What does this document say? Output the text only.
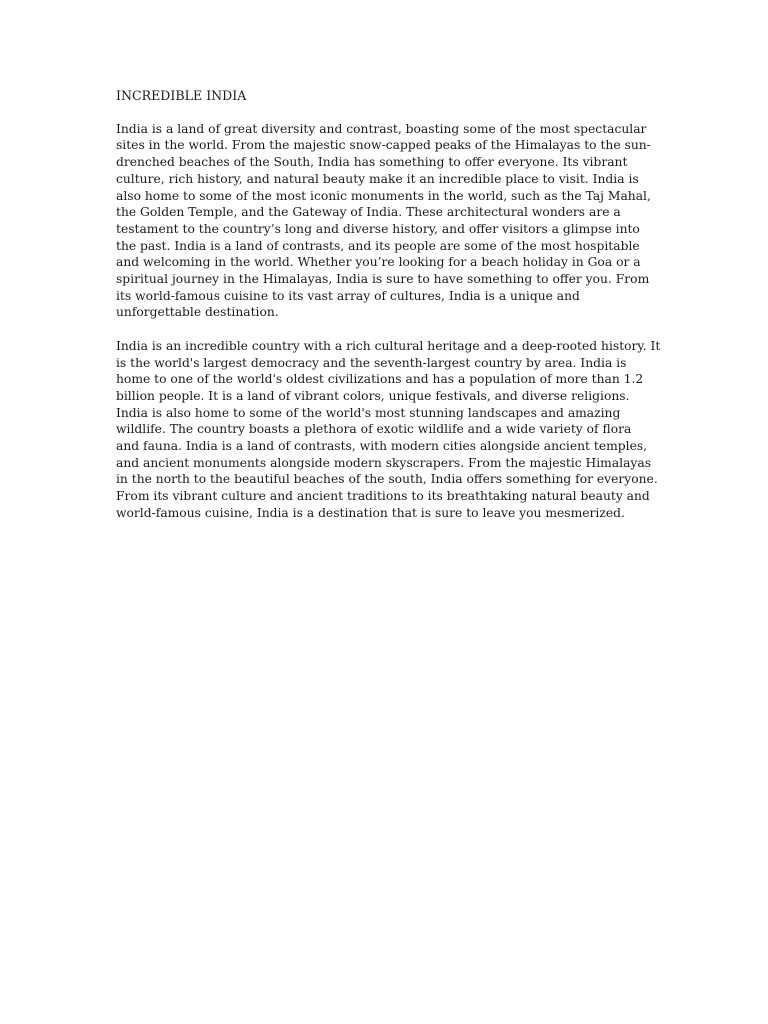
INCREDIBLE INDIA
India is a land of great diversity and contrast, boasting some of the most spectacular
sites in the world. From the majestic snow-capped peaks of the Himalayas to the sun-
drenched beaches of the South, India has something to offer everyone. Its vibrant
culture, rich history, and natural beauty make it an incredible place to visit. India is
also home to some of the most iconic monuments in the world, such as the Taj Mahal,
the Golden Temple, and the Gateway of India. These architectural wonders are a
testament to the country’s long and diverse history, and offer visitors a glimpse into
the past. India is a land of contrasts, and its people are some of the most hospitable
and welcoming in the world. Whether you’re looking for a beach holiday in Goa or a
spiritual journey in the Himalayas, India is sure to have something to offer you. From
its world-famous cuisine to its vast array of cultures, India is a unique and
unforgettable destination.
India is an incredible country with a rich cultural heritage and a deep-rooted history. It
is the world's largest democracy and the seventh-largest country by area. India is
home to one of the world's oldest civilizations and has a population of more than 1.2
billion people. It is a land of vibrant colors, unique festivals, and diverse religions.
India is also home to some of the world's most stunning landscapes and amazing
wildlife. The country boasts a plethora of exotic wildlife and a wide variety of flora
and fauna. India is a land of contrasts, with modern cities alongside ancient temples,
and ancient monuments alongside modern skyscrapers. From the majestic Himalayas
in the north to the beautiful beaches of the south, India offers something for everyone.
From its vibrant culture and ancient traditions to its breathtaking natural beauty and
world-famous cuisine, India is a destination that is sure to leave you mesmerized.
